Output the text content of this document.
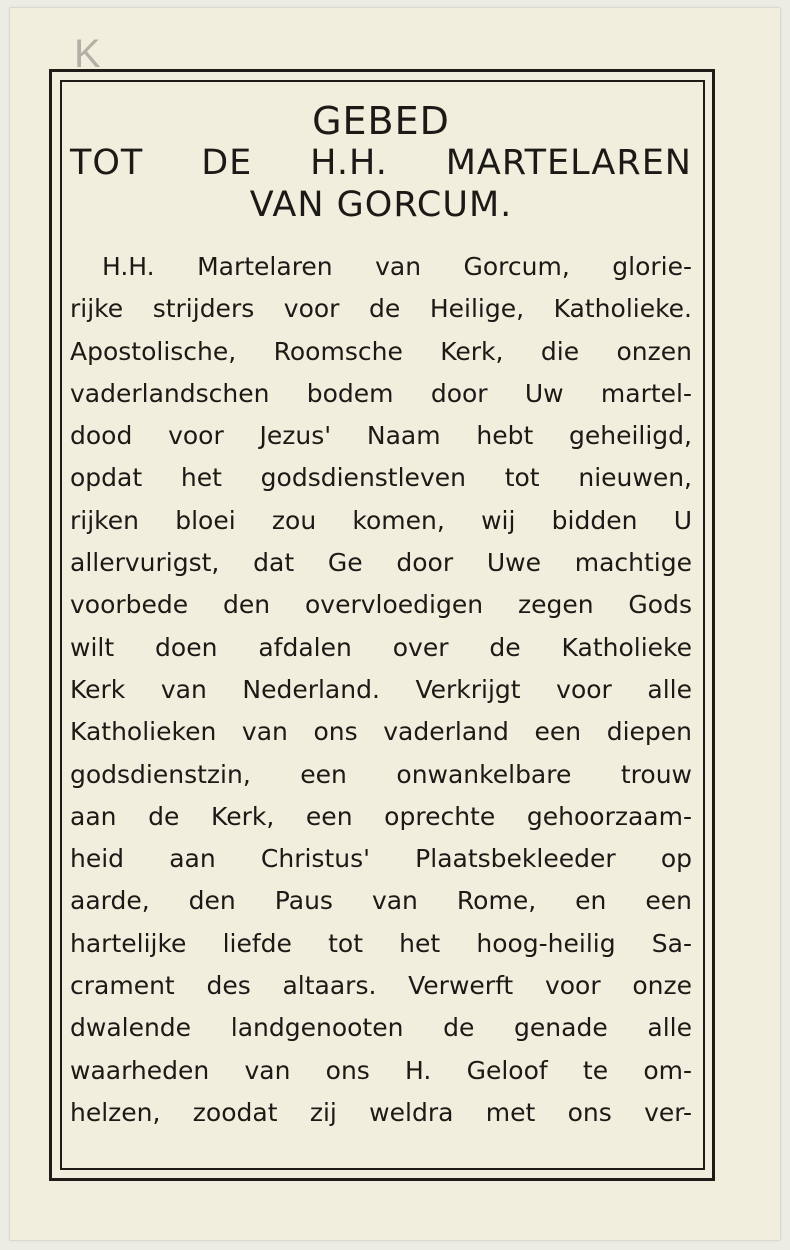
K
GEBED
TOT DE H.H. MARTELAREN
VAN GORCUM.
H.H. Martelaren van Gorcum, glorie-
rijke strijders voor de Heilige, Katholieke.
Apostolische, Roomsche Kerk, die onzen
vaderlandschen bodem door Uw martel-
dood voor Jezus' Naam hebt geheiligd,
opdat het godsdienstleven tot nieuwen,
rijken bloei zou komen, wij bidden U
allervurigst, dat Ge door Uwe machtige
voorbede den overvloedigen zegen Gods
wilt doen afdalen over de Katholieke
Kerk van Nederland. Verkrijgt voor alle
Katholieken van ons vaderland een diepen
godsdienstzin, een onwankelbare trouw
aan de Kerk, een oprechte gehoorzaam-
heid aan Christus' Plaatsbekleeder op
aarde, den Paus van Rome, en een
hartelijke liefde tot het hoog-heilig Sa-
crament des altaars. Verwerft voor onze
dwalende landgenooten de genade alle
waarheden van ons H. Geloof te om-
helzen, zoodat zij weldra met ons ver-
